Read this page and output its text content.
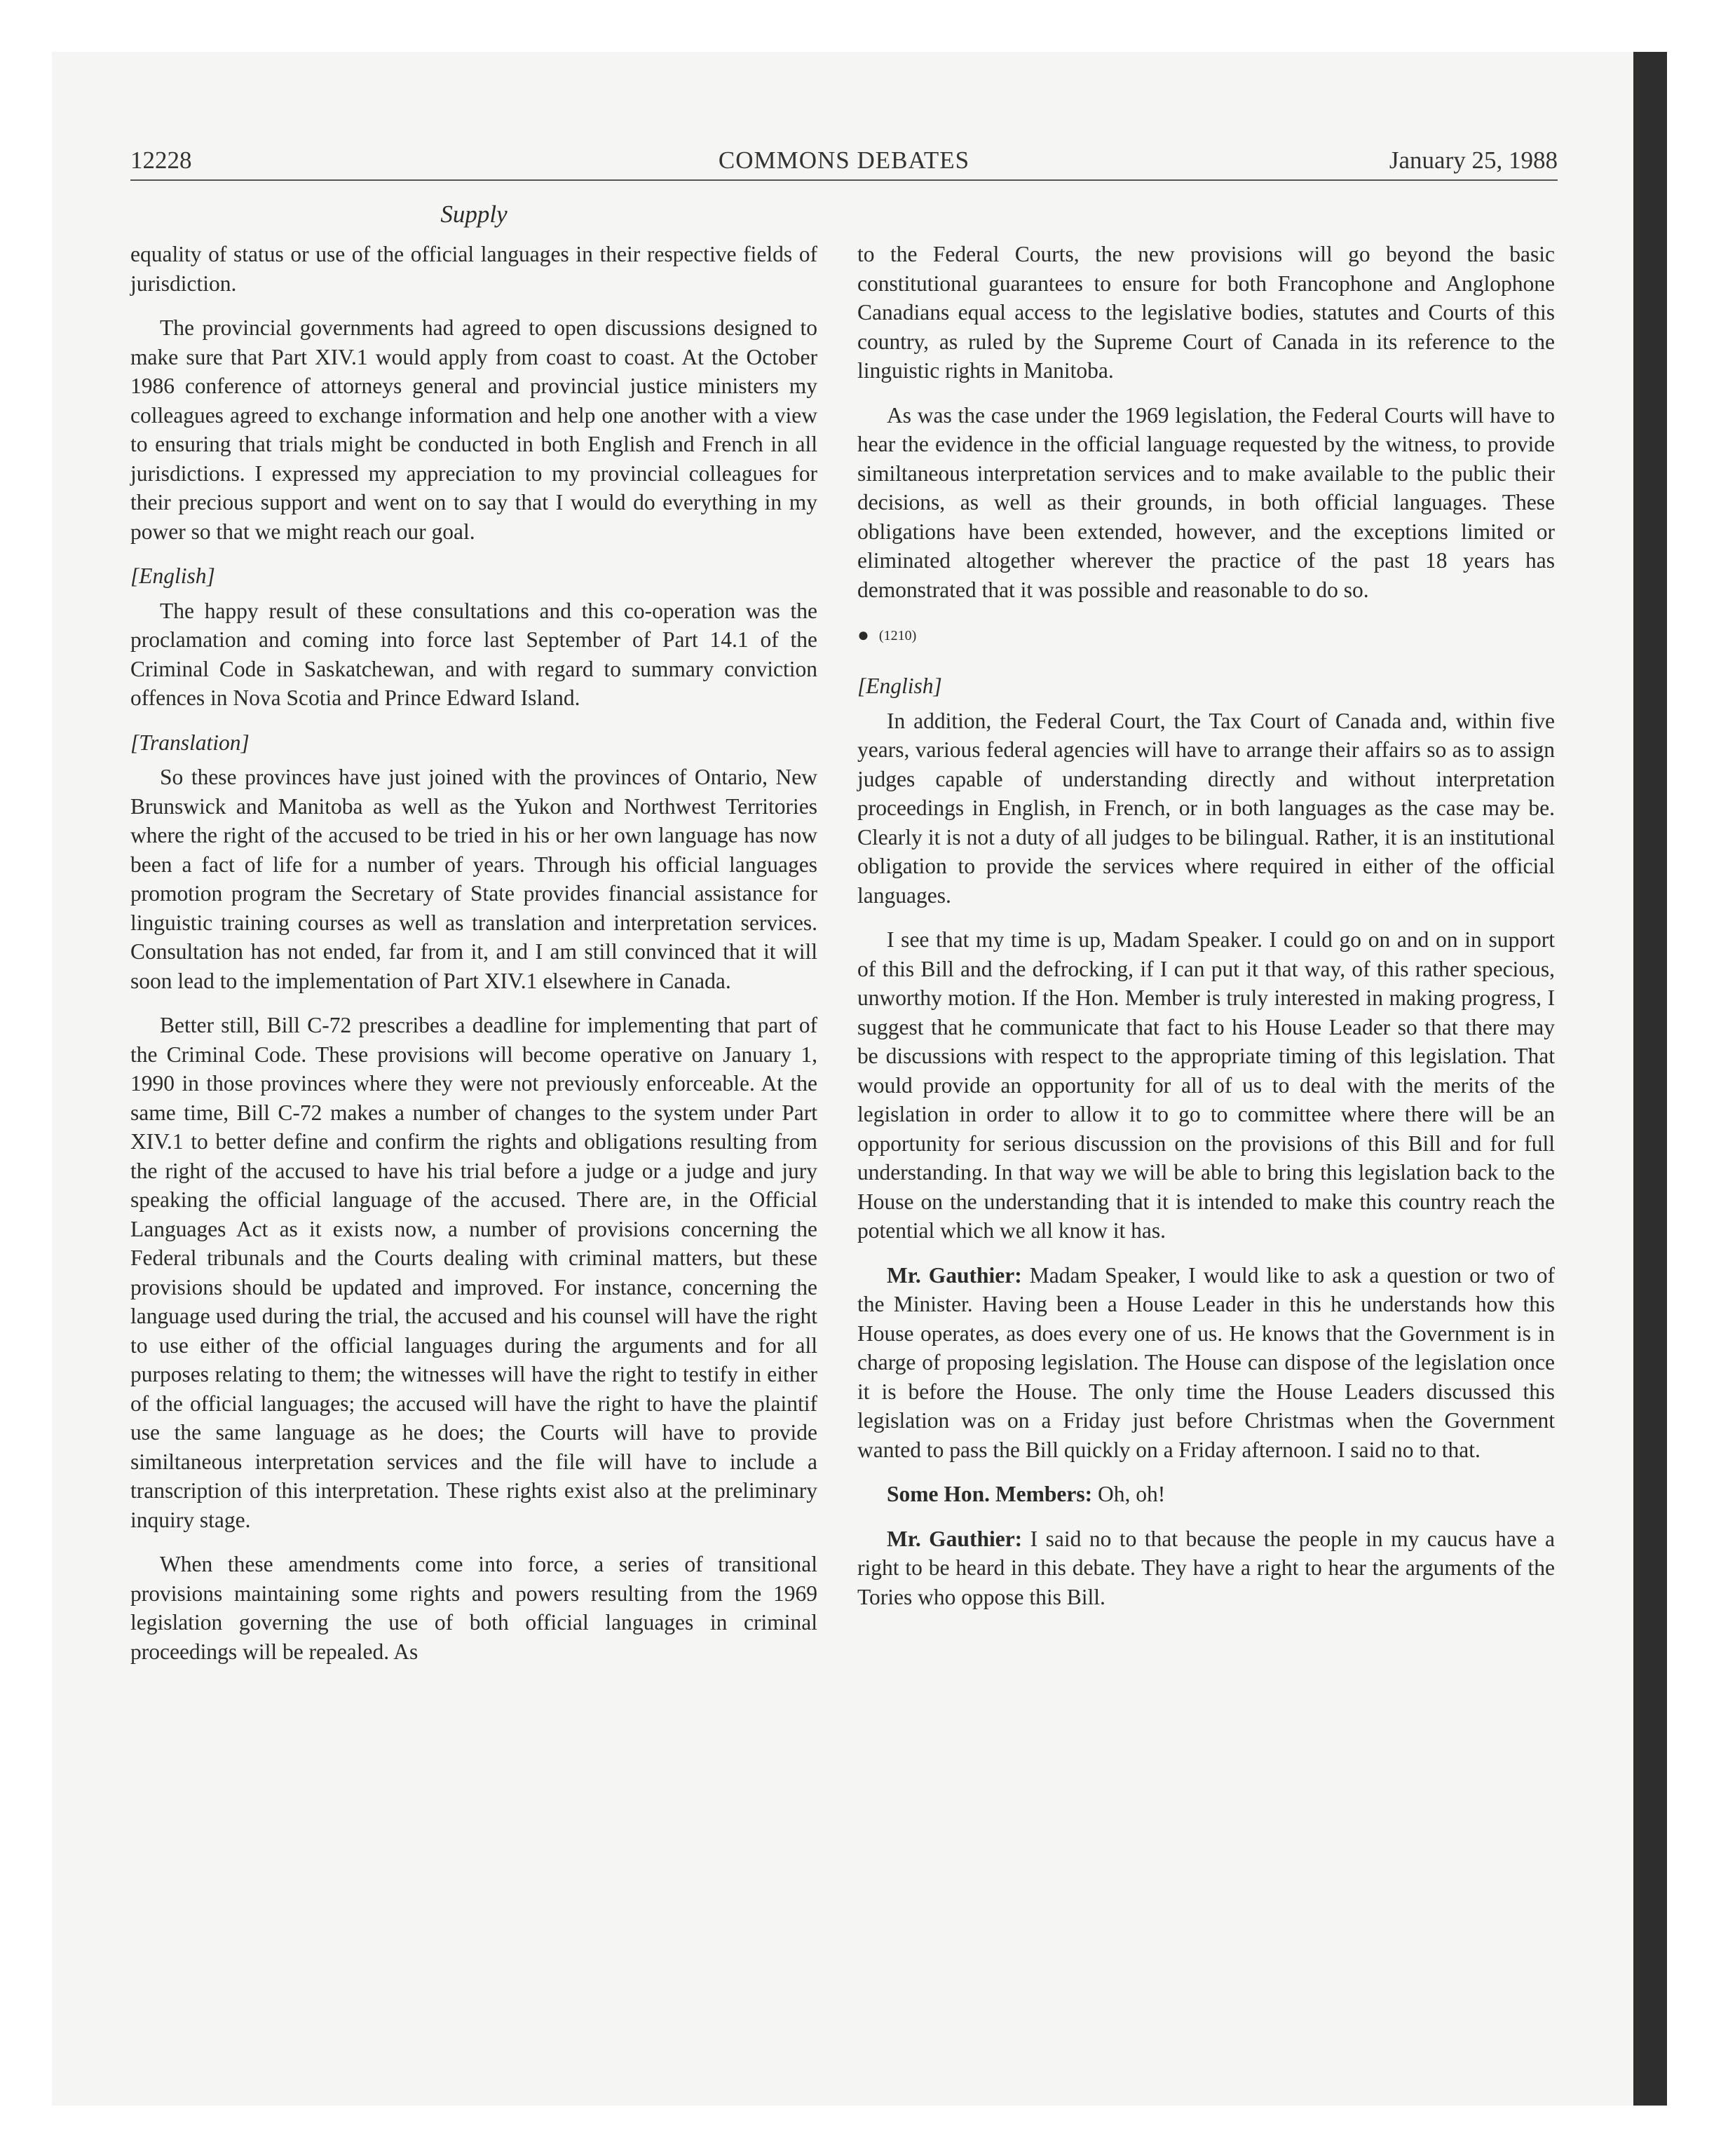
12228	COMMONS DEBATES	January 25, 1988
Supply

equality of status or use of the official languages in their respective fields of jurisdiction.

The provincial governments had agreed to open discussions designed to make sure that Part XIV.1 would apply from coast to coast. At the October 1986 conference of attorneys general and provincial justice ministers my colleagues agreed to exchange information and help one another with a view to ensuring that trials might be conducted in both English and French in all jurisdictions. I expressed my appreciation to my provincial colleagues for their precious support and went on to say that I would do everything in my power so that we might reach our goal.

[English]

The happy result of these consultations and this co-operation was the proclamation and coming into force last September of Part 14.1 of the Criminal Code in Saskatchewan, and with regard to summary conviction offences in Nova Scotia and Prince Edward Island.

[Translation]

So these provinces have just joined with the provinces of Ontario, New Brunswick and Manitoba as well as the Yukon and Northwest Territories where the right of the accused to be tried in his or her own language has now been a fact of life for a number of years. Through his official languages promotion program the Secretary of State provides financial assistance for linguistic training courses as well as translation and interpretation services. Consultation has not ended, far from it, and I am still convinced that it will soon lead to the implementation of Part XIV.1 elsewhere in Canada.

Better still, Bill C-72 prescribes a deadline for implementing that part of the Criminal Code. These provisions will become operative on January 1, 1990 in those provinces where they were not previously enforceable. At the same time, Bill C-72 makes a number of changes to the system under Part XIV.1 to better define and confirm the rights and obligations resulting from the right of the accused to have his trial before a judge or a judge and jury speaking the official language of the accused. There are, in the Official Languages Act as it exists now, a number of provisions concerning the Federal tribunals and the Courts dealing with criminal matters, but these provisions should be updated and improved. For instance, concerning the language used during the trial, the accused and his counsel will have the right to use either of the official languages during the arguments and for all purposes relating to them; the witnesses will have the right to testify in either of the official languages; the accused will have the right to have the plaintif use the same language as he does; the Courts will have to provide similtaneous interpretation services and the file will have to include a transcription of this interpretation. These rights exist also at the preliminary inquiry stage.

When these amendments come into force, a series of transitional provisions maintaining some rights and powers resulting from the 1969 legislation governing the use of both official languages in criminal proceedings will be repealed. As

to the Federal Courts, the new provisions will go beyond the basic constitutional guarantees to ensure for both Francophone and Anglophone Canadians equal access to the legislative bodies, statutes and Courts of this country, as ruled by the Supreme Court of Canada in its reference to the linguistic rights in Manitoba.

As was the case under the 1969 legislation, the Federal Courts will have to hear the evidence in the official language requested by the witness, to provide similtaneous interpretation services and to make available to the public their decisions, as well as their grounds, in both official languages. These obligations have been extended, however, and the exceptions limited or eliminated altogether wherever the practice of the past 18 years has demonstrated that it was possible and reasonable to do so.

● (1210)

[English]

In addition, the Federal Court, the Tax Court of Canada and, within five years, various federal agencies will have to arrange their affairs so as to assign judges capable of understanding directly and without interpretation proceedings in English, in French, or in both languages as the case may be. Clearly it is not a duty of all judges to be bilingual. Rather, it is an institutional obligation to provide the services where required in either of the official languages.

I see that my time is up, Madam Speaker. I could go on and on in support of this Bill and the defrocking, if I can put it that way, of this rather specious, unworthy motion. If the Hon. Member is truly interested in making progress, I suggest that he communicate that fact to his House Leader so that there may be discussions with respect to the appropriate timing of this legislation. That would provide an opportunity for all of us to deal with the merits of the legislation in order to allow it to go to committee where there will be an opportunity for serious discussion on the provisions of this Bill and for full understanding. In that way we will be able to bring this legislation back to the House on the understanding that it is intended to make this country reach the potential which we all know it has.

Mr. Gauthier: Madam Speaker, I would like to ask a question or two of the Minister. Having been a House Leader in this he understands how this House operates, as does every one of us. He knows that the Government is in charge of proposing legislation. The House can dispose of the legislation once it is before the House. The only time the House Leaders discussed this legislation was on a Friday just before Christmas when the Government wanted to pass the Bill quickly on a Friday afternoon. I said no to that.

Some Hon. Members: Oh, oh!

Mr. Gauthier: I said no to that because the people in my caucus have a right to be heard in this debate. They have a right to hear the arguments of the Tories who oppose this Bill.
